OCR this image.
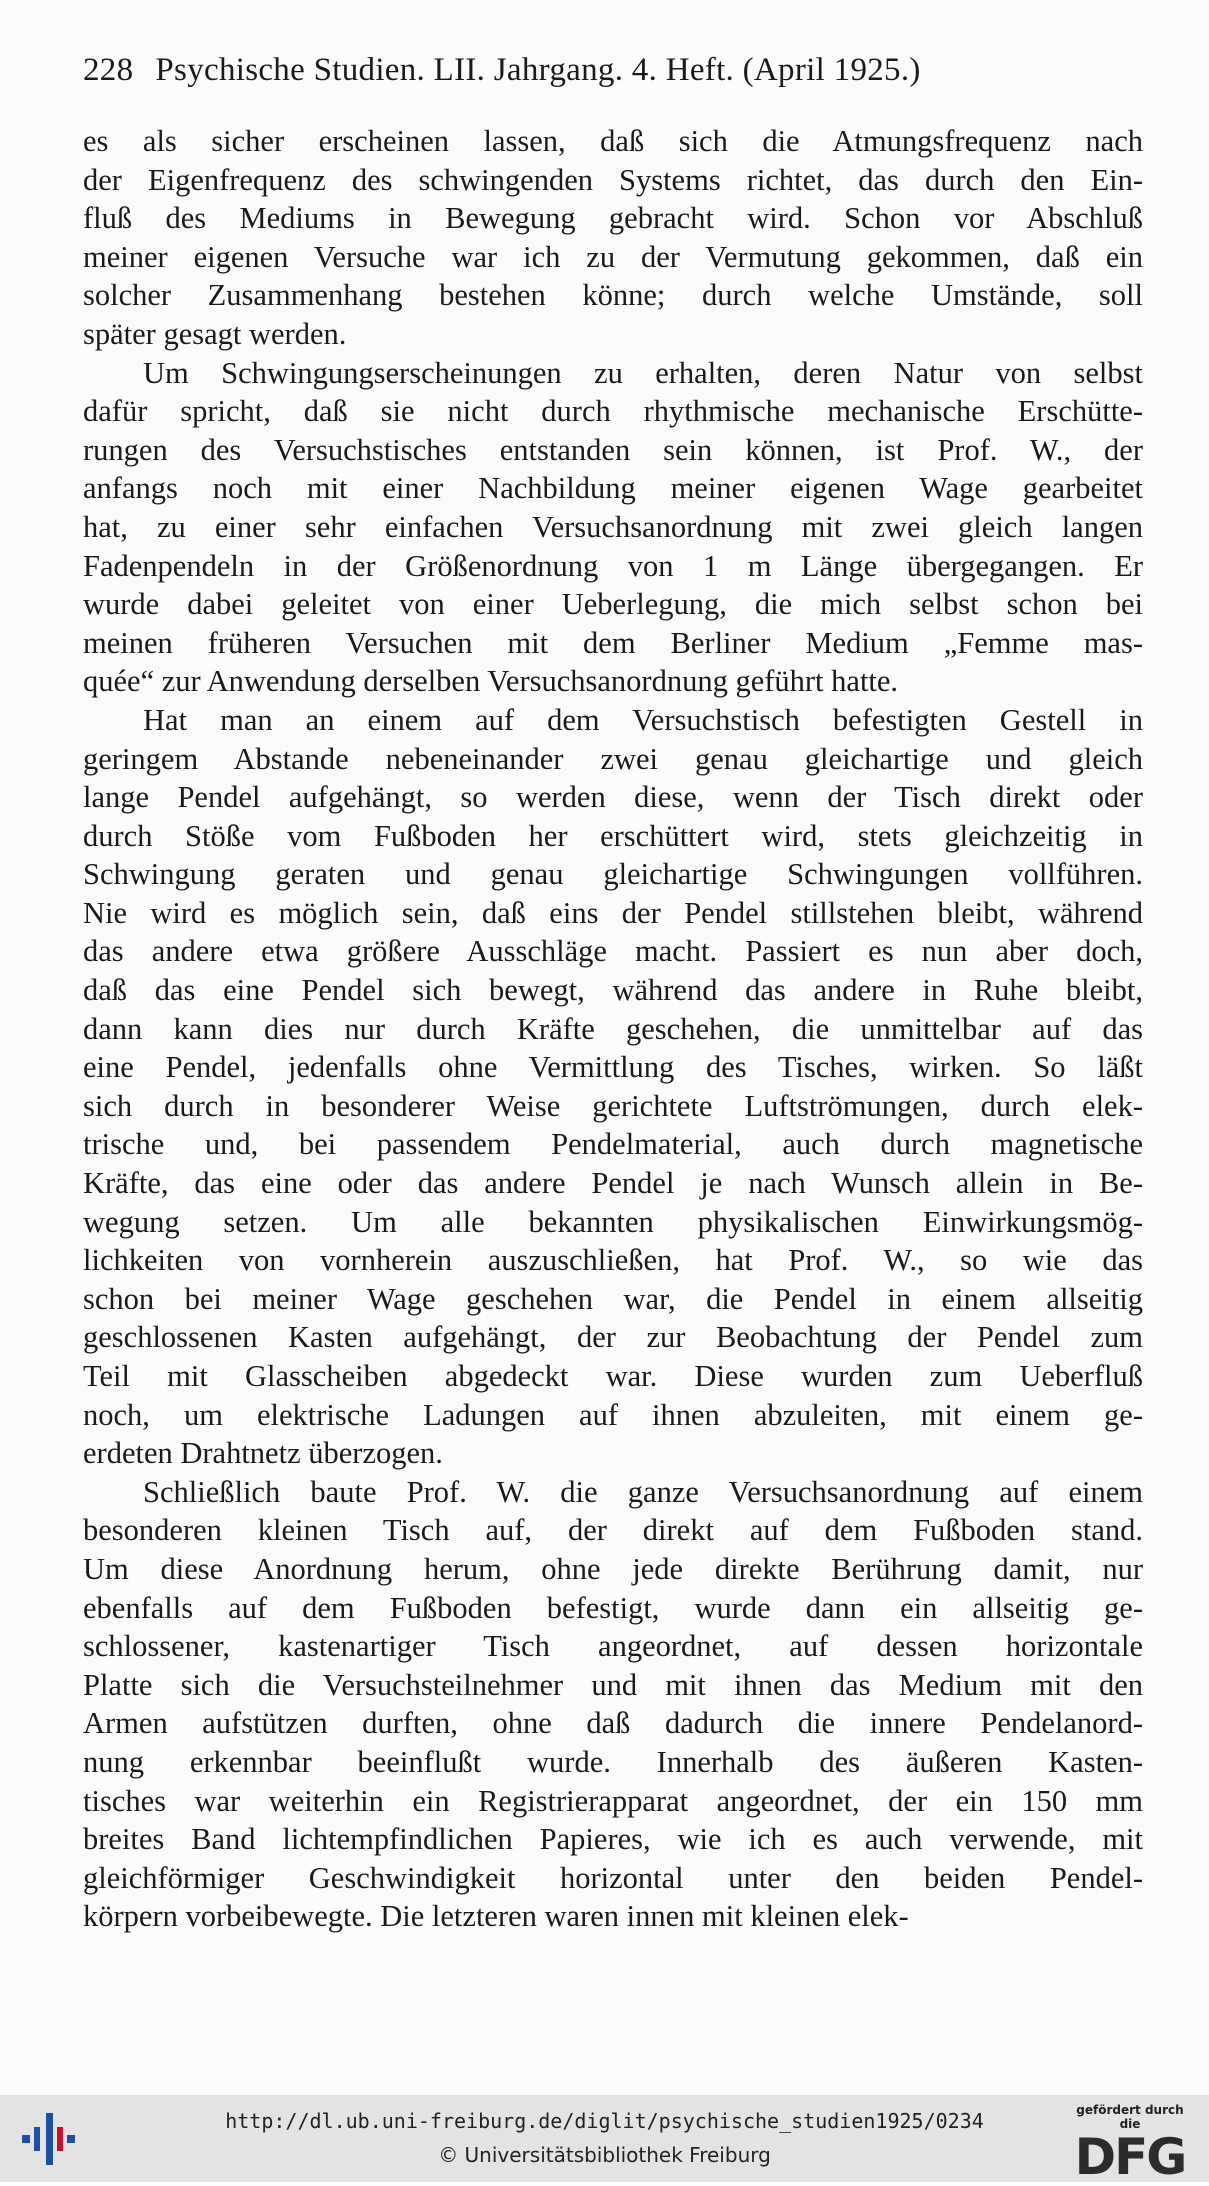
228 Psychische Studien. LII. Jahrgang. 4. Heft. (April 1925.)
es als sicher erscheinen lassen, daß sich die Atmungsfrequenz nach
der Eigenfrequenz des schwingenden Systems richtet, das durch den Ein-
fluß des Mediums in Bewegung gebracht wird. Schon vor Abschluß
meiner eigenen Versuche war ich zu der Vermutung gekommen, daß ein
solcher Zusammenhang bestehen könne; durch welche Umstände, soll
später gesagt werden.
Um Schwingungserscheinungen zu erhalten, deren Natur von selbst
dafür spricht, daß sie nicht durch rhythmische mechanische Erschütte-
rungen des Versuchstisches entstanden sein können, ist Prof. W., der
anfangs noch mit einer Nachbildung meiner eigenen Wage gearbeitet
hat, zu einer sehr einfachen Versuchsanordnung mit zwei gleich langen
Fadenpendeln in der Größenordnung von 1 m Länge übergegangen. Er
wurde dabei geleitet von einer Ueberlegung, die mich selbst schon bei
meinen früheren Versuchen mit dem Berliner Medium „Femme mas-
quée“ zur Anwendung derselben Versuchsanordnung geführt hatte.
Hat man an einem auf dem Versuchstisch befestigten Gestell in
geringem Abstande nebeneinander zwei genau gleichartige und gleich
lange Pendel aufgehängt, so werden diese, wenn der Tisch direkt oder
durch Stöße vom Fußboden her erschüttert wird, stets gleichzeitig in
Schwingung geraten und genau gleichartige Schwingungen vollführen.
Nie wird es möglich sein, daß eins der Pendel stillstehen bleibt, während
das andere etwa größere Ausschläge macht. Passiert es nun aber doch,
daß das eine Pendel sich bewegt, während das andere in Ruhe bleibt,
dann kann dies nur durch Kräfte geschehen, die unmittelbar auf das
eine Pendel, jedenfalls ohne Vermittlung des Tisches, wirken. So läßt
sich durch in besonderer Weise gerichtete Luftströmungen, durch elek-
trische und, bei passendem Pendelmaterial, auch durch magnetische
Kräfte, das eine oder das andere Pendel je nach Wunsch allein in Be-
wegung setzen. Um alle bekannten physikalischen Einwirkungsmög-
lichkeiten von vornherein auszuschließen, hat Prof. W., so wie das
schon bei meiner Wage geschehen war, die Pendel in einem allseitig
geschlossenen Kasten aufgehängt, der zur Beobachtung der Pendel zum
Teil mit Glasscheiben abgedeckt war. Diese wurden zum Ueberfluß
noch, um elektrische Ladungen auf ihnen abzuleiten, mit einem ge-
erdeten Drahtnetz überzogen.
Schließlich baute Prof. W. die ganze Versuchsanordnung auf einem
besonderen kleinen Tisch auf, der direkt auf dem Fußboden stand.
Um diese Anordnung herum, ohne jede direkte Berührung damit, nur
ebenfalls auf dem Fußboden befestigt, wurde dann ein allseitig ge-
schlossener, kastenartiger Tisch angeordnet, auf dessen horizontale
Platte sich die Versuchsteilnehmer und mit ihnen das Medium mit den
Armen aufstützen durften, ohne daß dadurch die innere Pendelanord-
nung erkennbar beeinflußt wurde. Innerhalb des äußeren Kasten-
tisches war weiterhin ein Registrierapparat angeordnet, der ein 150 mm
breites Band lichtempfindlichen Papieres, wie ich es auch verwende, mit
gleichförmiger Geschwindigkeit horizontal unter den beiden Pendel-
körpern vorbeibewegte. Die letzteren waren innen mit kleinen elek-
http://dl.ub.uni-freiburg.de/diglit/psychische_studien1925/0234
© Universitätsbibliothek Freiburg
gefördert durch die
DFG
